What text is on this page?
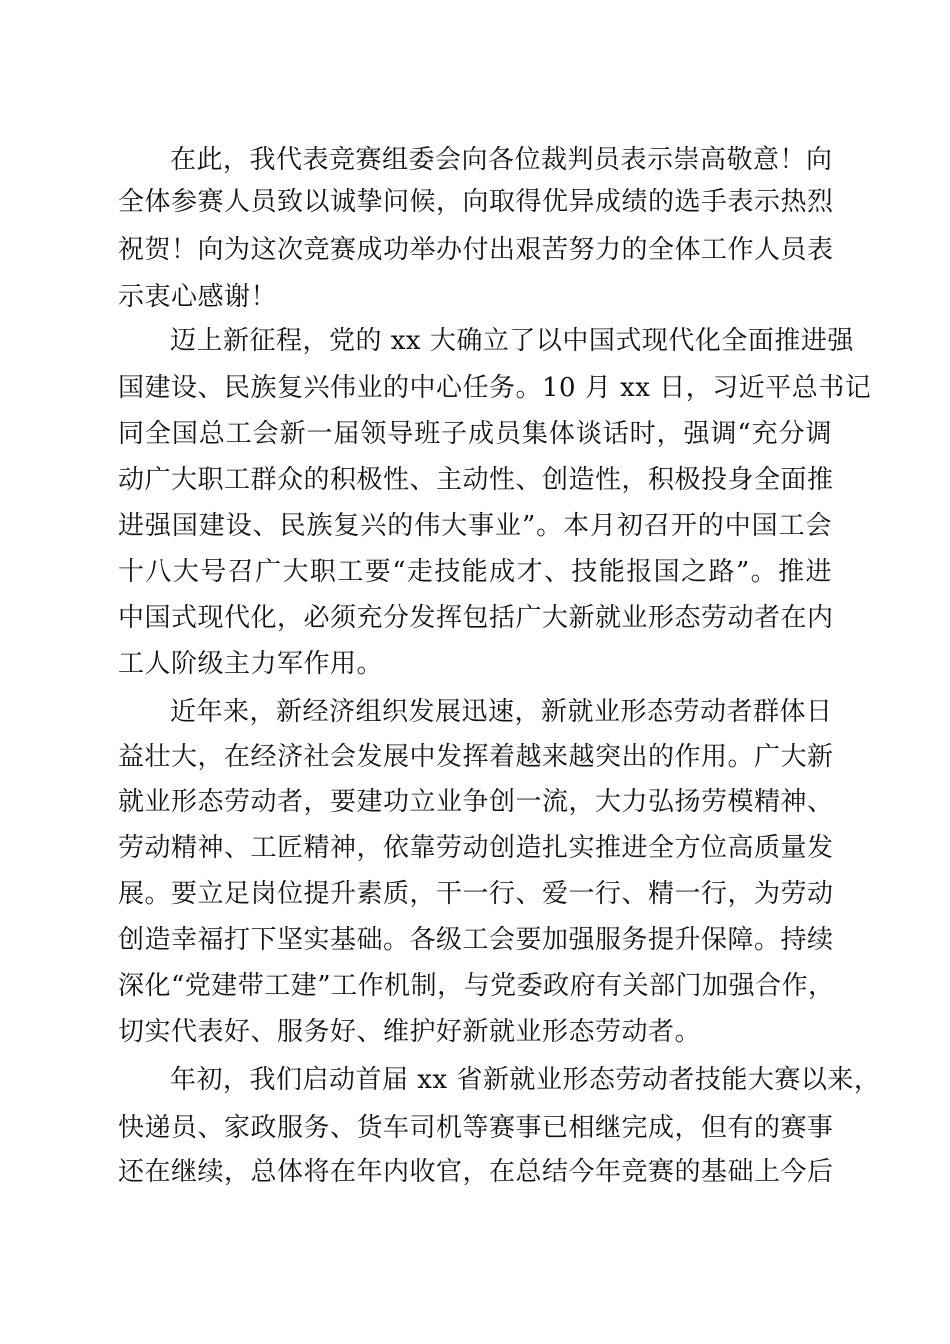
在此，我代表竞赛组委会向各位裁判员表示崇高敬意！向
全体参赛人员致以诚挚问候，向取得优异成绩的选手表示热烈
祝贺！向为这次竞赛成功举办付出艰苦努力的全体工作人员表
示衷心感谢！
迈上新征程，党的 xx 大确立了以中国式现代化全面推进强
国建设、民族复兴伟业的中心任务。10 月 xx 日，习近平总书记
同全国总工会新一届领导班子成员集体谈话时，强调“充分调
动广大职工群众的积极性、主动性、创造性，积极投身全面推
进强国建设、民族复兴的伟大事业”。本月初召开的中国工会
十八大号召广大职工要“走技能成才、技能报国之路”。推进
中国式现代化，必须充分发挥包括广大新就业形态劳动者在内
工人阶级主力军作用。
近年来，新经济组织发展迅速，新就业形态劳动者群体日
益壮大，在经济社会发展中发挥着越来越突出的作用。广大新
就业形态劳动者，要建功立业争创一流，大力弘扬劳模精神、
劳动精神、工匠精神，依靠劳动创造扎实推进全方位高质量发
展。要立足岗位提升素质，干一行、爱一行、精一行，为劳动
创造幸福打下坚实基础。各级工会要加强服务提升保障。持续
深化“党建带工建”工作机制，与党委政府有关部门加强合作，
切实代表好、服务好、维护好新就业形态劳动者。
年初，我们启动首届 xx 省新就业形态劳动者技能大赛以来，
快递员、家政服务、货车司机等赛事已相继完成，但有的赛事
还在继续，总体将在年内收官，在总结今年竞赛的基础上今后
